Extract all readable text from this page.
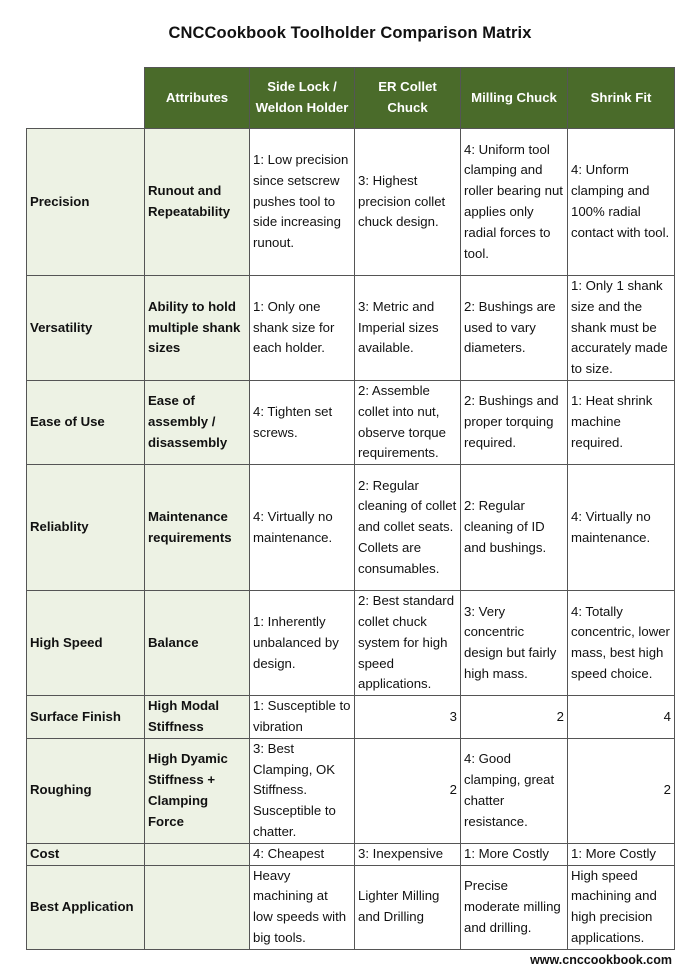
CNCCookbook Toolholder Comparison Matrix
	Attributes	Side Lock / Weldon Holder	ER Collet Chuck	Milling Chuck	Shrink Fit
Precision	Runout and Repeatability	1: Low precision since setscrew pushes tool to side increasing runout.	3: Highest precision collet chuck design.	4: Uniform tool clamping and roller bearing nut applies only radial forces to tool.	4: Unform clamping and 100% radial contact with tool.
Versatility	Ability to hold multiple shank sizes	1: Only one shank size for each holder.	3: Metric and Imperial sizes available.	2: Bushings are used to vary diameters.	1: Only 1 shank size and the shank must be accurately made to size.
Ease of Use	Ease of assembly / disassembly	4: Tighten set screws.	2: Assemble collet into nut, observe torque requirements.	2: Bushings and proper torquing required.	1: Heat shrink machine required.
Reliablity	Maintenance requirements	4: Virtually no maintenance.	2: Regular cleaning of collet and collet seats. Collets are consumables.	2: Regular cleaning of ID and bushings.	4: Virtually no maintenance.
High Speed	Balance	1: Inherently unbalanced by design.	2: Best standard collet chuck system for high speed applications.	3: Very concentric design but fairly high mass.	4: Totally concentric, lower mass, best high speed choice.
Surface Finish	High Modal Stiffness	1: Susceptible to vibration	3	2	4
Roughing	High Dyamic Stiffness + Clamping Force	3: Best Clamping, OK Stiffness. Susceptible to chatter.	2	4: Good clamping, great chatter resistance.	2
Cost		4: Cheapest	3: Inexpensive	1: More Costly	1: More Costly
Best Application		Heavy machining at low speeds with big tools.	Lighter Milling and Drilling	Precise moderate milling and drilling.	High speed machining and high precision applications.
www.cnccookbook.com
